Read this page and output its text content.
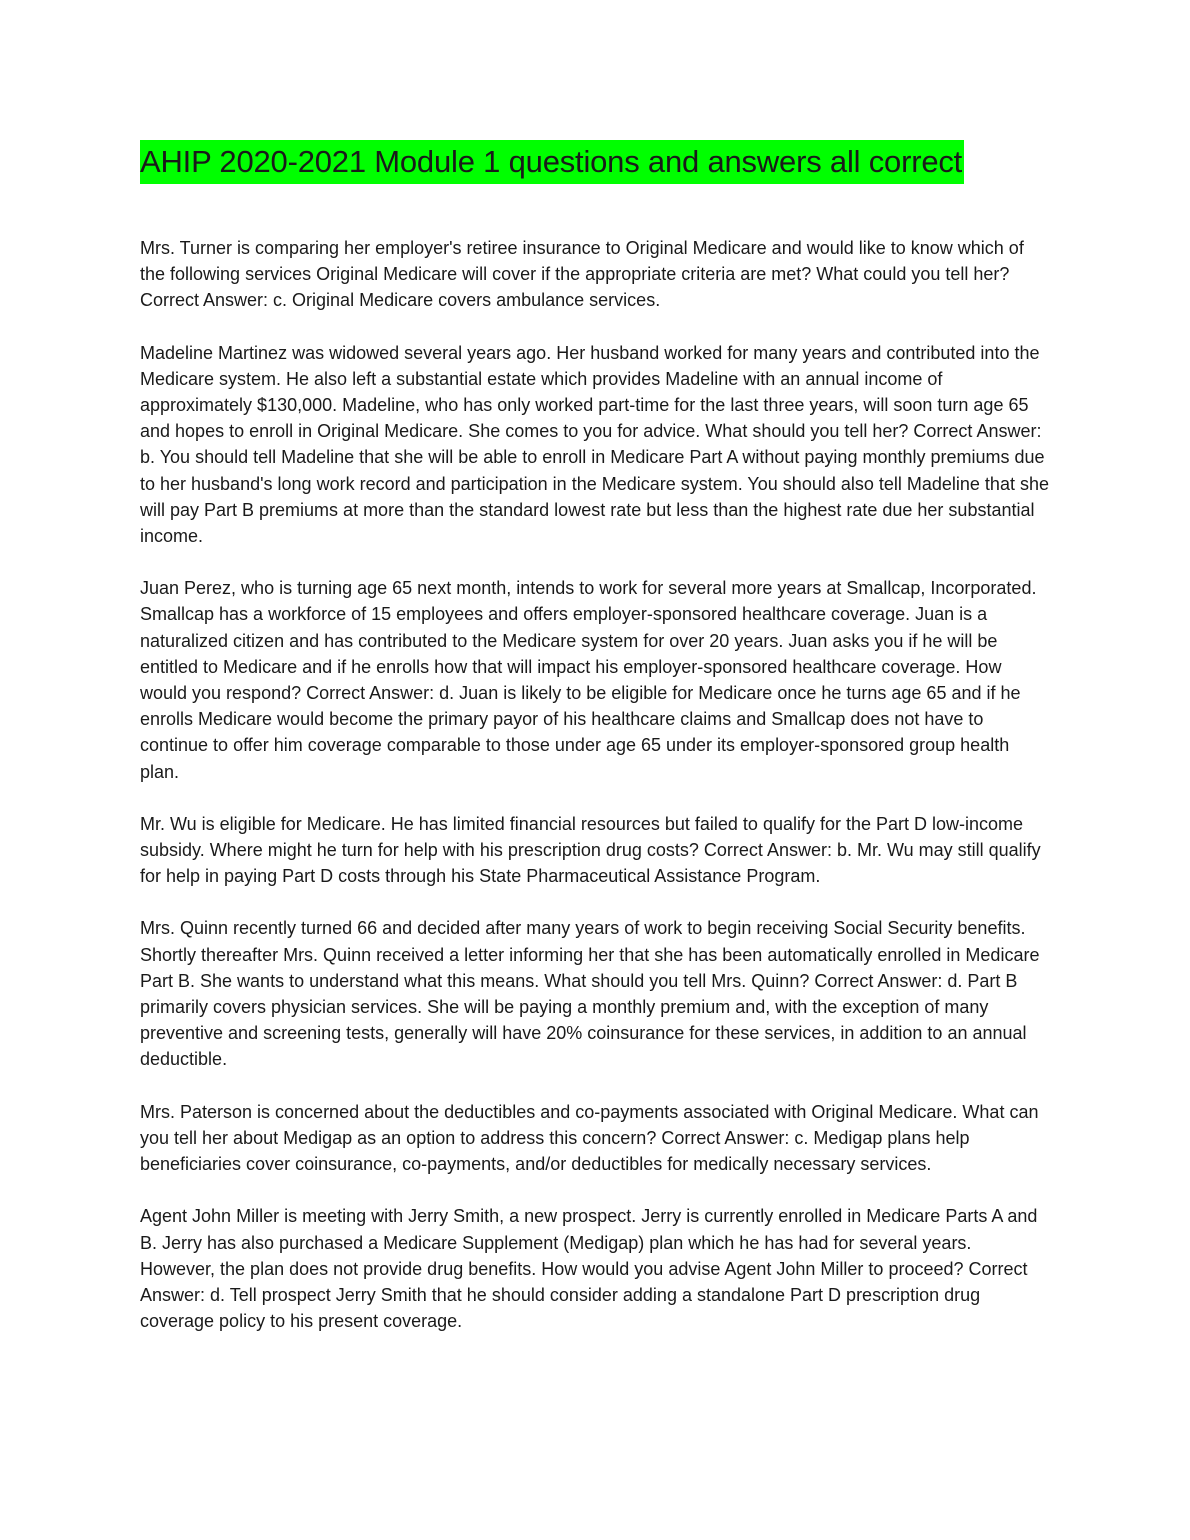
AHIP 2020-2021 Module 1 questions and answers all correct

Mrs. Turner is comparing her employer's retiree insurance to Original Medicare and would like to know which of the following services Original Medicare will cover if the appropriate criteria are met? What could you tell her? Correct Answer: c. Original Medicare covers ambulance services.

Madeline Martinez was widowed several years ago. Her husband worked for many years and contributed into the Medicare system. He also left a substantial estate which provides Madeline with an annual income of approximately $130,000. Madeline, who has only worked part-time for the last three years, will soon turn age 65 and hopes to enroll in Original Medicare. She comes to you for advice. What should you tell her? Correct Answer: b. You should tell Madeline that she will be able to enroll in Medicare Part A without paying monthly premiums due to her husband's long work record and participation in the Medicare system. You should also tell Madeline that she will pay Part B premiums at more than the standard lowest rate but less than the highest rate due her substantial income.

Juan Perez, who is turning age 65 next month, intends to work for several more years at Smallcap, Incorporated. Smallcap has a workforce of 15 employees and offers employer-sponsored healthcare coverage. Juan is a naturalized citizen and has contributed to the Medicare system for over 20 years. Juan asks you if he will be entitled to Medicare and if he enrolls how that will impact his employer-sponsored healthcare coverage. How would you respond? Correct Answer: d. Juan is likely to be eligible for Medicare once he turns age 65 and if he enrolls Medicare would become the primary payor of his healthcare claims and Smallcap does not have to continue to offer him coverage comparable to those under age 65 under its employer-sponsored group health plan.

Mr. Wu is eligible for Medicare. He has limited financial resources but failed to qualify for the Part D low-income subsidy. Where might he turn for help with his prescription drug costs? Correct Answer: b. Mr. Wu may still qualify for help in paying Part D costs through his State Pharmaceutical Assistance Program.

Mrs. Quinn recently turned 66 and decided after many years of work to begin receiving Social Security benefits. Shortly thereafter Mrs. Quinn received a letter informing her that she has been automatically enrolled in Medicare Part B. She wants to understand what this means. What should you tell Mrs. Quinn? Correct Answer: d. Part B primarily covers physician services. She will be paying a monthly premium and, with the exception of many preventive and screening tests, generally will have 20% coinsurance for these services, in addition to an annual deductible.

Mrs. Paterson is concerned about the deductibles and co-payments associated with Original Medicare. What can you tell her about Medigap as an option to address this concern? Correct Answer: c. Medigap plans help beneficiaries cover coinsurance, co-payments, and/or deductibles for medically necessary services.

Agent John Miller is meeting with Jerry Smith, a new prospect. Jerry is currently enrolled in Medicare Parts A and B. Jerry has also purchased a Medicare Supplement (Medigap) plan which he has had for several years. However, the plan does not provide drug benefits. How would you advise Agent John Miller to proceed? Correct Answer: d. Tell prospect Jerry Smith that he should consider adding a standalone Part D prescription drug coverage policy to his present coverage.
